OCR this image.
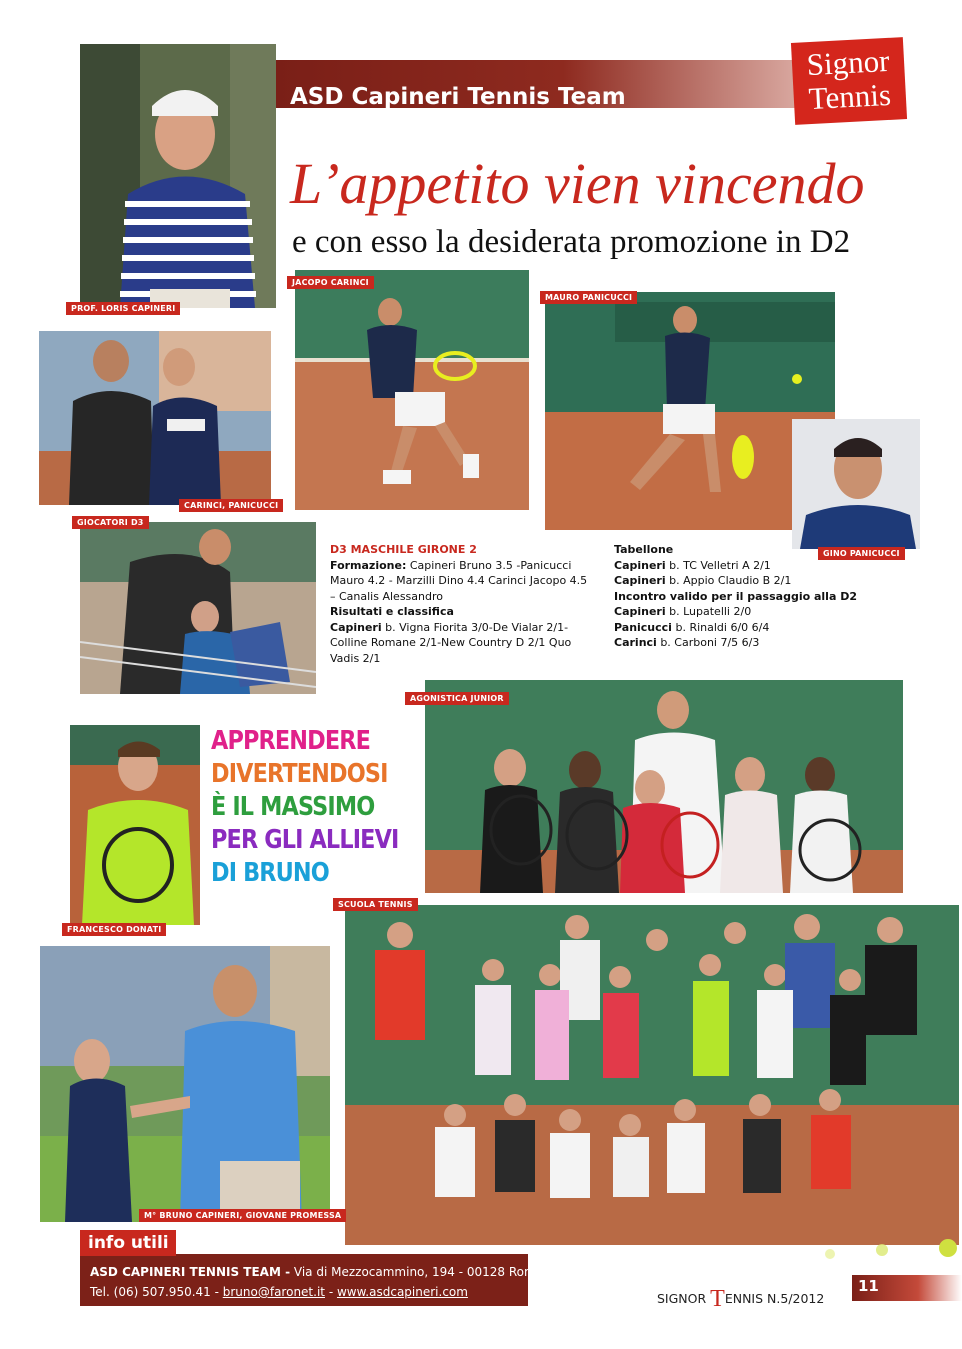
ASD Capineri Tennis Team
Signor
Tennis
L’appetito vien vincendo
e con esso la desiderata promozione in D2
PROF. LORIS CAPINERI
JACOPO CARINCI
MAURO PANICUCCI
CARINCI, PANICUCCI
GINO PANICUCCI
GIOCATORI D3
D3 MASCHILE GIRONE 2
Formazione: Capineri Bruno 3.5 -Panicucci Mauro 4.2 - Marzilli Dino 4.4 Carinci Jacopo 4.5 – Canalis Alessandro
Risultati e classifica
Capineri b. Vigna Fiorita 3/0-De Vialar 2/1-Colline Romane 2/1-New Country D 2/1 Quo Vadis 2/1
Tabellone
Capineri b. TC Velletri A 2/1
Capineri b. Appio Claudio B 2/1
Incontro valido per il passaggio alla D2
Capineri b. Lupatelli 2/0
Panicucci b. Rinaldi 6/0 6/4
Carinci b. Carboni 7/5 6/3
AGONISTICA JUNIOR
FRANCESCO DONATI
APPRENDERE
DIVERTENDOSI
È IL MASSIMO
PER GLI ALLIEVI
DI BRUNO
SCUOLA TENNIS
M° BRUNO CAPINERI, GIOVANE PROMESSA
info utili
ASD CAPINERI TENNIS TEAM - Via di Mezzocammino, 194 - 00128 Roma
Tel. (06) 507.950.41 - bruno@faronet.it - www.asdcapineri.com	SIGNOR TENNIS N.5/2012
11
